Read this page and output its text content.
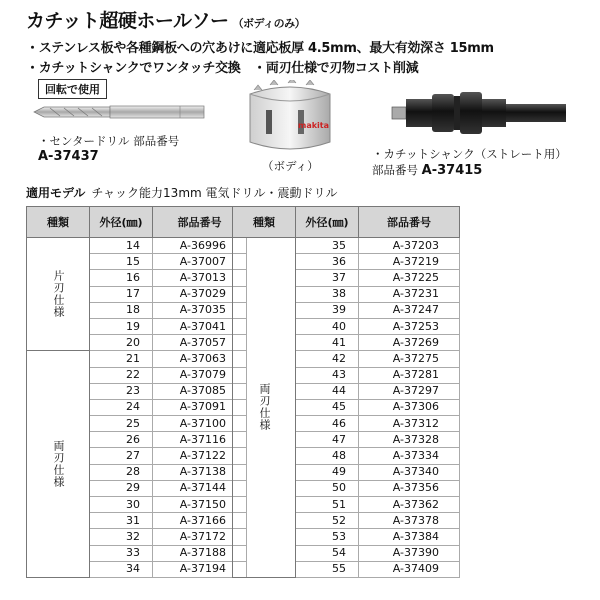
カチット超硬ホールソー （ボディのみ）
・ステンレス板や各種鋼板への穴あけに適応板厚 4.5mm、最大有効深さ 15mm
・カチットシャンクでワンタッチ交換　・両刃仕様で刃物コスト削減
回転で使用
makita
・センタードリル 部品番号
A-37437
（ボディ）
・カチットシャンク（ストレート用）
部品番号 A-37415
適用モデル チャック能力13mm 電気ドリル・震動ドリル
種類	外径(㎜)	部品番号
片刃仕様	14	A-36996
	15	A-37007
	16	A-37013
	17	A-37029
	18	A-37035
	19	A-37041
	20	A-37057
両刃仕様	21	A-37063
	22	A-37079
	23	A-37085
	24	A-37091
	25	A-37100
	26	A-37116
	27	A-37122
	28	A-37138
	29	A-37144
	30	A-37150
	31	A-37166
	32	A-37172
	33	A-37188
	34	A-37194
種類	外径(㎜)	部品番号
両刃仕様	35	A-37203
	36	A-37219
	37	A-37225
	38	A-37231
	39	A-37247
	40	A-37253
	41	A-37269
	42	A-37275
	43	A-37281
	44	A-37297
	45	A-37306
	46	A-37312
	47	A-37328
	48	A-37334
	49	A-37340
	50	A-37356
	51	A-37362
	52	A-37378
	53	A-37384
	54	A-37390
	55	A-37409
